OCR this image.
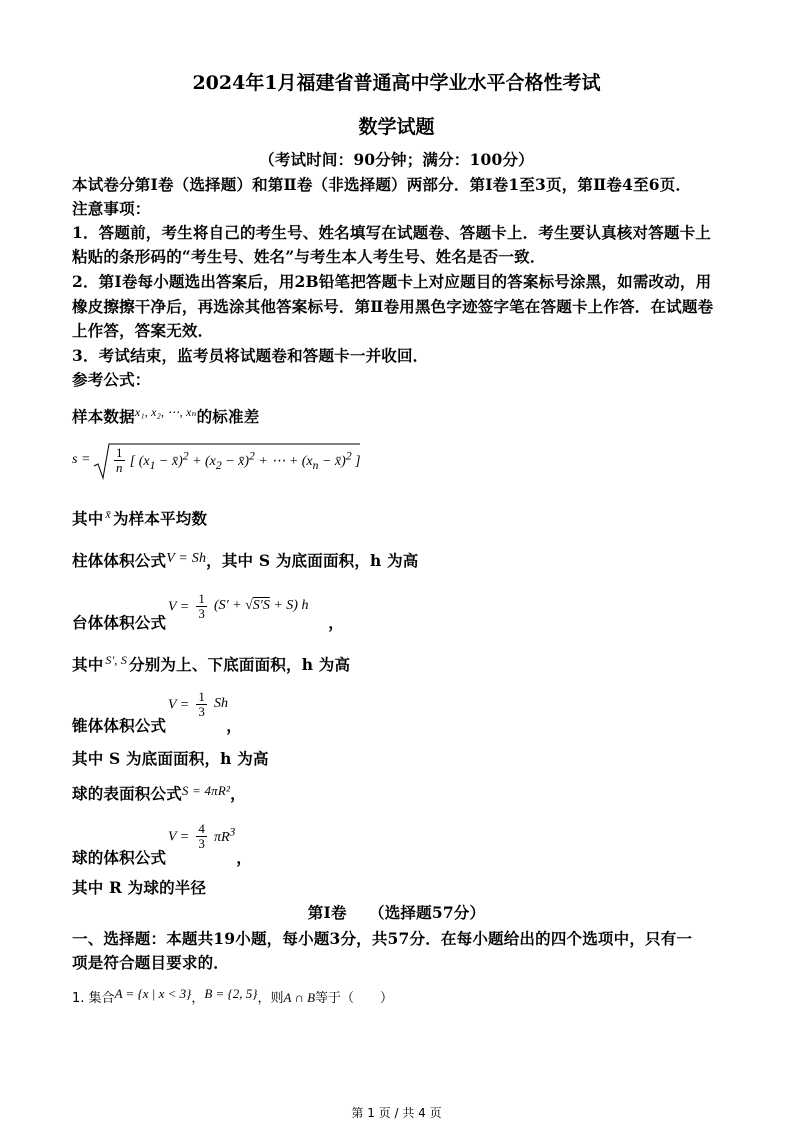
2024年1月福建省普通高中学业水平合格性考试
数学试题
（考试时间：90分钟；满分：100分）
本试卷分第Ⅰ卷（选择题）和第Ⅱ卷（非选择题）两部分．第Ⅰ卷1至3页，第Ⅱ卷4至6页．
注意事项：
1．答题前，考生将自己的考生号、姓名填写在试题卷、答题卡上．考生要认真核对答题卡上
粘贴的条形码的“考生号、姓名”与考生本人考生号、姓名是否一致．
2．第Ⅰ卷每小题选出答案后，用2B铅笔把答题卡上对应题目的答案标号涂黑，如需改动，用
橡皮擦擦干净后，再选涂其他答案标号．第Ⅱ卷用黑色字迹签字笔在答题卡上作答．在试题卷
上作答，答案无效．
3．考试结束，监考员将试题卷和答题卡一并收回．
参考公式：
样本数据$^{x_1, x_2, \cdots, x_n}$的标准差
$s = \frac{1}{n}$ [ ($x_1$ − x̄)$^2$ + ($x_2$ − x̄)$^2$ + ⋯ + ($x_n$ − x̄)$^2$ ]
其中 $^{x̄}$ 为样本平均数
柱体体积公式V = Sh，其中 S 为底面面积，h 为高
$V = \frac{1}{3} (S' + √S'S + S)$ h
台体体积公式	，
其中 $^{S', S}$ 分别为上、下底面面积，h 为高
$V = \frac{1}{3}$ Sh
锥体体积公式	，
其中 S 为底面面积，h 为高
球的表面积公式$^{S = 4\pi R^2}$，
$V = \frac{4}{3} \pi R^3$
球的体积公式	，
其中 R 为球的半径
第Ⅰ卷    （选择题57分）
一、选择题：本题共19小题，每小题3分，共57分．在每小题给出的四个选项中，只有一
项是符合题目要求的．
1. 集合A = {x | x < 3}，B = {2, 5}，则A ∩ B等于（　　）
第 1 页 / 共 4 页
